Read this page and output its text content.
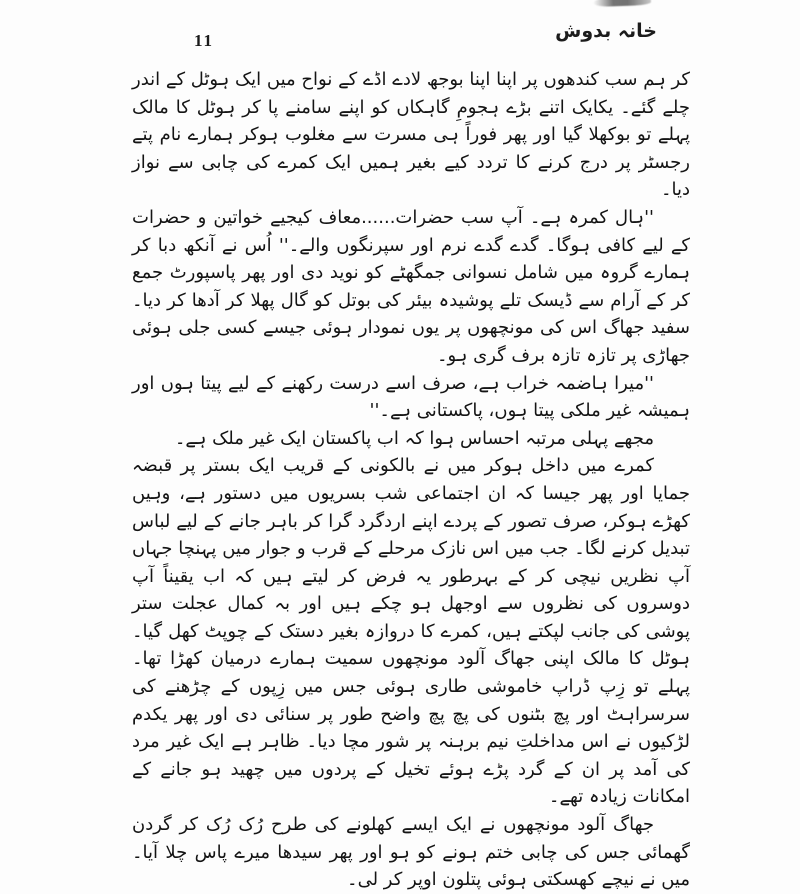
خانہ بدوش
11

کر ہم سب کندھوں پر اپنا اپنا بوجھ لادے اڈے کے نواح میں ایک ہوٹل کے اندر چلے گئے۔ یکایک اتنے بڑے ہجومِ گاہکاں کو اپنے سامنے پا کر ہوٹل کا مالک پہلے تو بوکھلا گیا اور پھر فوراً ہی مسرت سے مغلوب ہوکر ہمارے نام پتے رجسٹر پر درج کرنے کا تردد کیے بغیر ہمیں ایک کمرے کی چابی سے نواز دیا۔

''ہال کمرہ ہے۔ آپ سب حضرات......معاف کیجیے خواتین و حضرات کے لیے کافی ہوگا۔ گدے گدے نرم اور سپرنگوں والے۔'' اُس نے آنکھ دبا کر ہمارے گروہ میں شامل نسوانی جمگھٹے کو نوید دی اور پھر پاسپورٹ جمع کر کے آرام سے ڈیسک تلے پوشیدہ بیئر کی بوتل کو گال پھلا کر آدھا کر دیا۔ سفید جھاگ اس کی مونچھوں پر یوں نمودار ہوئی جیسے کسی جلی ہوئی جھاڑی پر تازہ تازہ برف گری ہو۔

''میرا ہاضمہ خراب ہے، صرف اسے درست رکھنے کے لیے پیتا ہوں اور ہمیشہ غیر ملکی پیتا ہوں، پاکستانی ہے۔''

مجھے پہلی مرتبہ احساس ہوا کہ اب پاکستان ایک غیر ملک ہے۔

کمرے میں داخل ہوکر میں نے بالکونی کے قریب ایک بستر پر قبضہ جمایا اور پھر جیسا کہ ان اجتماعی شب بسریوں میں دستور ہے، وہیں کھڑے ہوکر، صرف تصور کے پردے اپنے اردگرد گرا کر باہر جانے کے لیے لباس تبدیل کرنے لگا۔ جب میں اس نازک مرحلے کے قرب و جوار میں پہنچا جہاں آپ نظریں نیچی کر کے بہرطور یہ فرض کر لیتے ہیں کہ اب یقیناً آپ دوسروں کی نظروں سے اوجھل ہو چکے ہیں اور بہ کمال عجلت ستر پوشی کی جانب لپکتے ہیں، کمرے کا دروازہ بغیر دستک کے چوپٹ کھل گیا۔ ہوٹل کا مالک اپنی جھاگ آلود مونچھوں سمیت ہمارے درمیان کھڑا تھا۔ پہلے تو زِپ ڈراپ خاموشی طاری ہوئی جس میں زِپوں کے چڑھنے کی سرسراہٹ اور پچ بٹنوں کی پچ پچ واضح طور پر سنائی دی اور پھر یکدم لڑکیوں نے اس مداخلتِ نیم برہنہ پر شور مچا دیا۔ ظاہر ہے ایک غیر مرد کی آمد پر ان کے گرد پڑے ہوئے تخیل کے پردوں میں چھید ہو جانے کے امکانات زیادہ تھے۔

جھاگ آلود مونچھوں نے ایک ایسے کھلونے کی طرح رُک رُک کر گردن گھمائی جس کی چابی ختم ہونے کو ہو اور پھر سیدھا میرے پاس چلا آیا۔ میں نے نیچے کھسکتی ہوئی پتلون اوپر کر لی۔
